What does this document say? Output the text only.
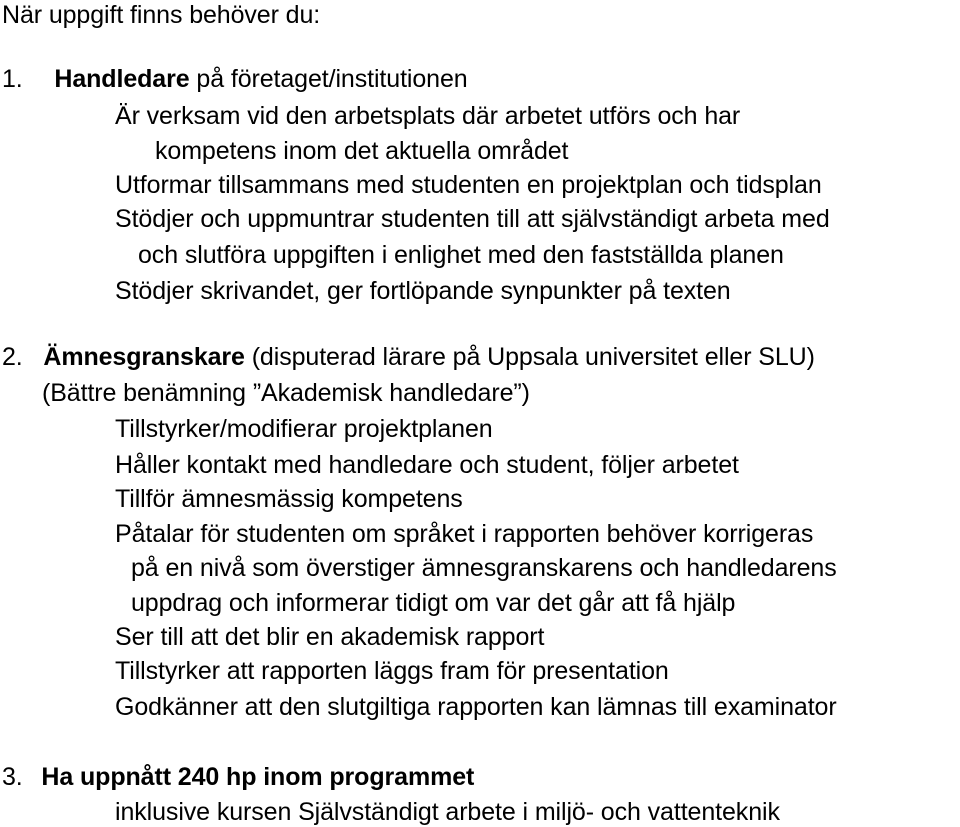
När uppgift finns behöver du:
1. Handledare på företaget/institutionen
Är verksam vid den arbetsplats där arbetet utförs och har
kompetens inom det aktuella området
Utformar tillsammans med studenten en projektplan och tidsplan
Stödjer och uppmuntrar studenten till att självständigt arbeta med
och slutföra uppgiften i enlighet med den fastställda planen
Stödjer skrivandet, ger fortlöpande synpunkter på texten
2. Ämnesgranskare (disputerad lärare på Uppsala universitet eller SLU)
(Bättre benämning ”Akademisk handledare”)
Tillstyrker/modifierar projektplanen
Håller kontakt med handledare och student, följer arbetet
Tillför ämnesmässig kompetens
Påtalar för studenten om språket i rapporten behöver korrigeras
på en nivå som överstiger ämnesgranskarens och handledarens
uppdrag och informerar tidigt om var det går att få hjälp
Ser till att det blir en akademisk rapport
Tillstyrker att rapporten läggs fram för presentation
Godkänner att den slutgiltiga rapporten kan lämnas till examinator
3. Ha uppnått 240 hp inom programmet
inklusive kursen Självständigt arbete i miljö- och vattenteknik
